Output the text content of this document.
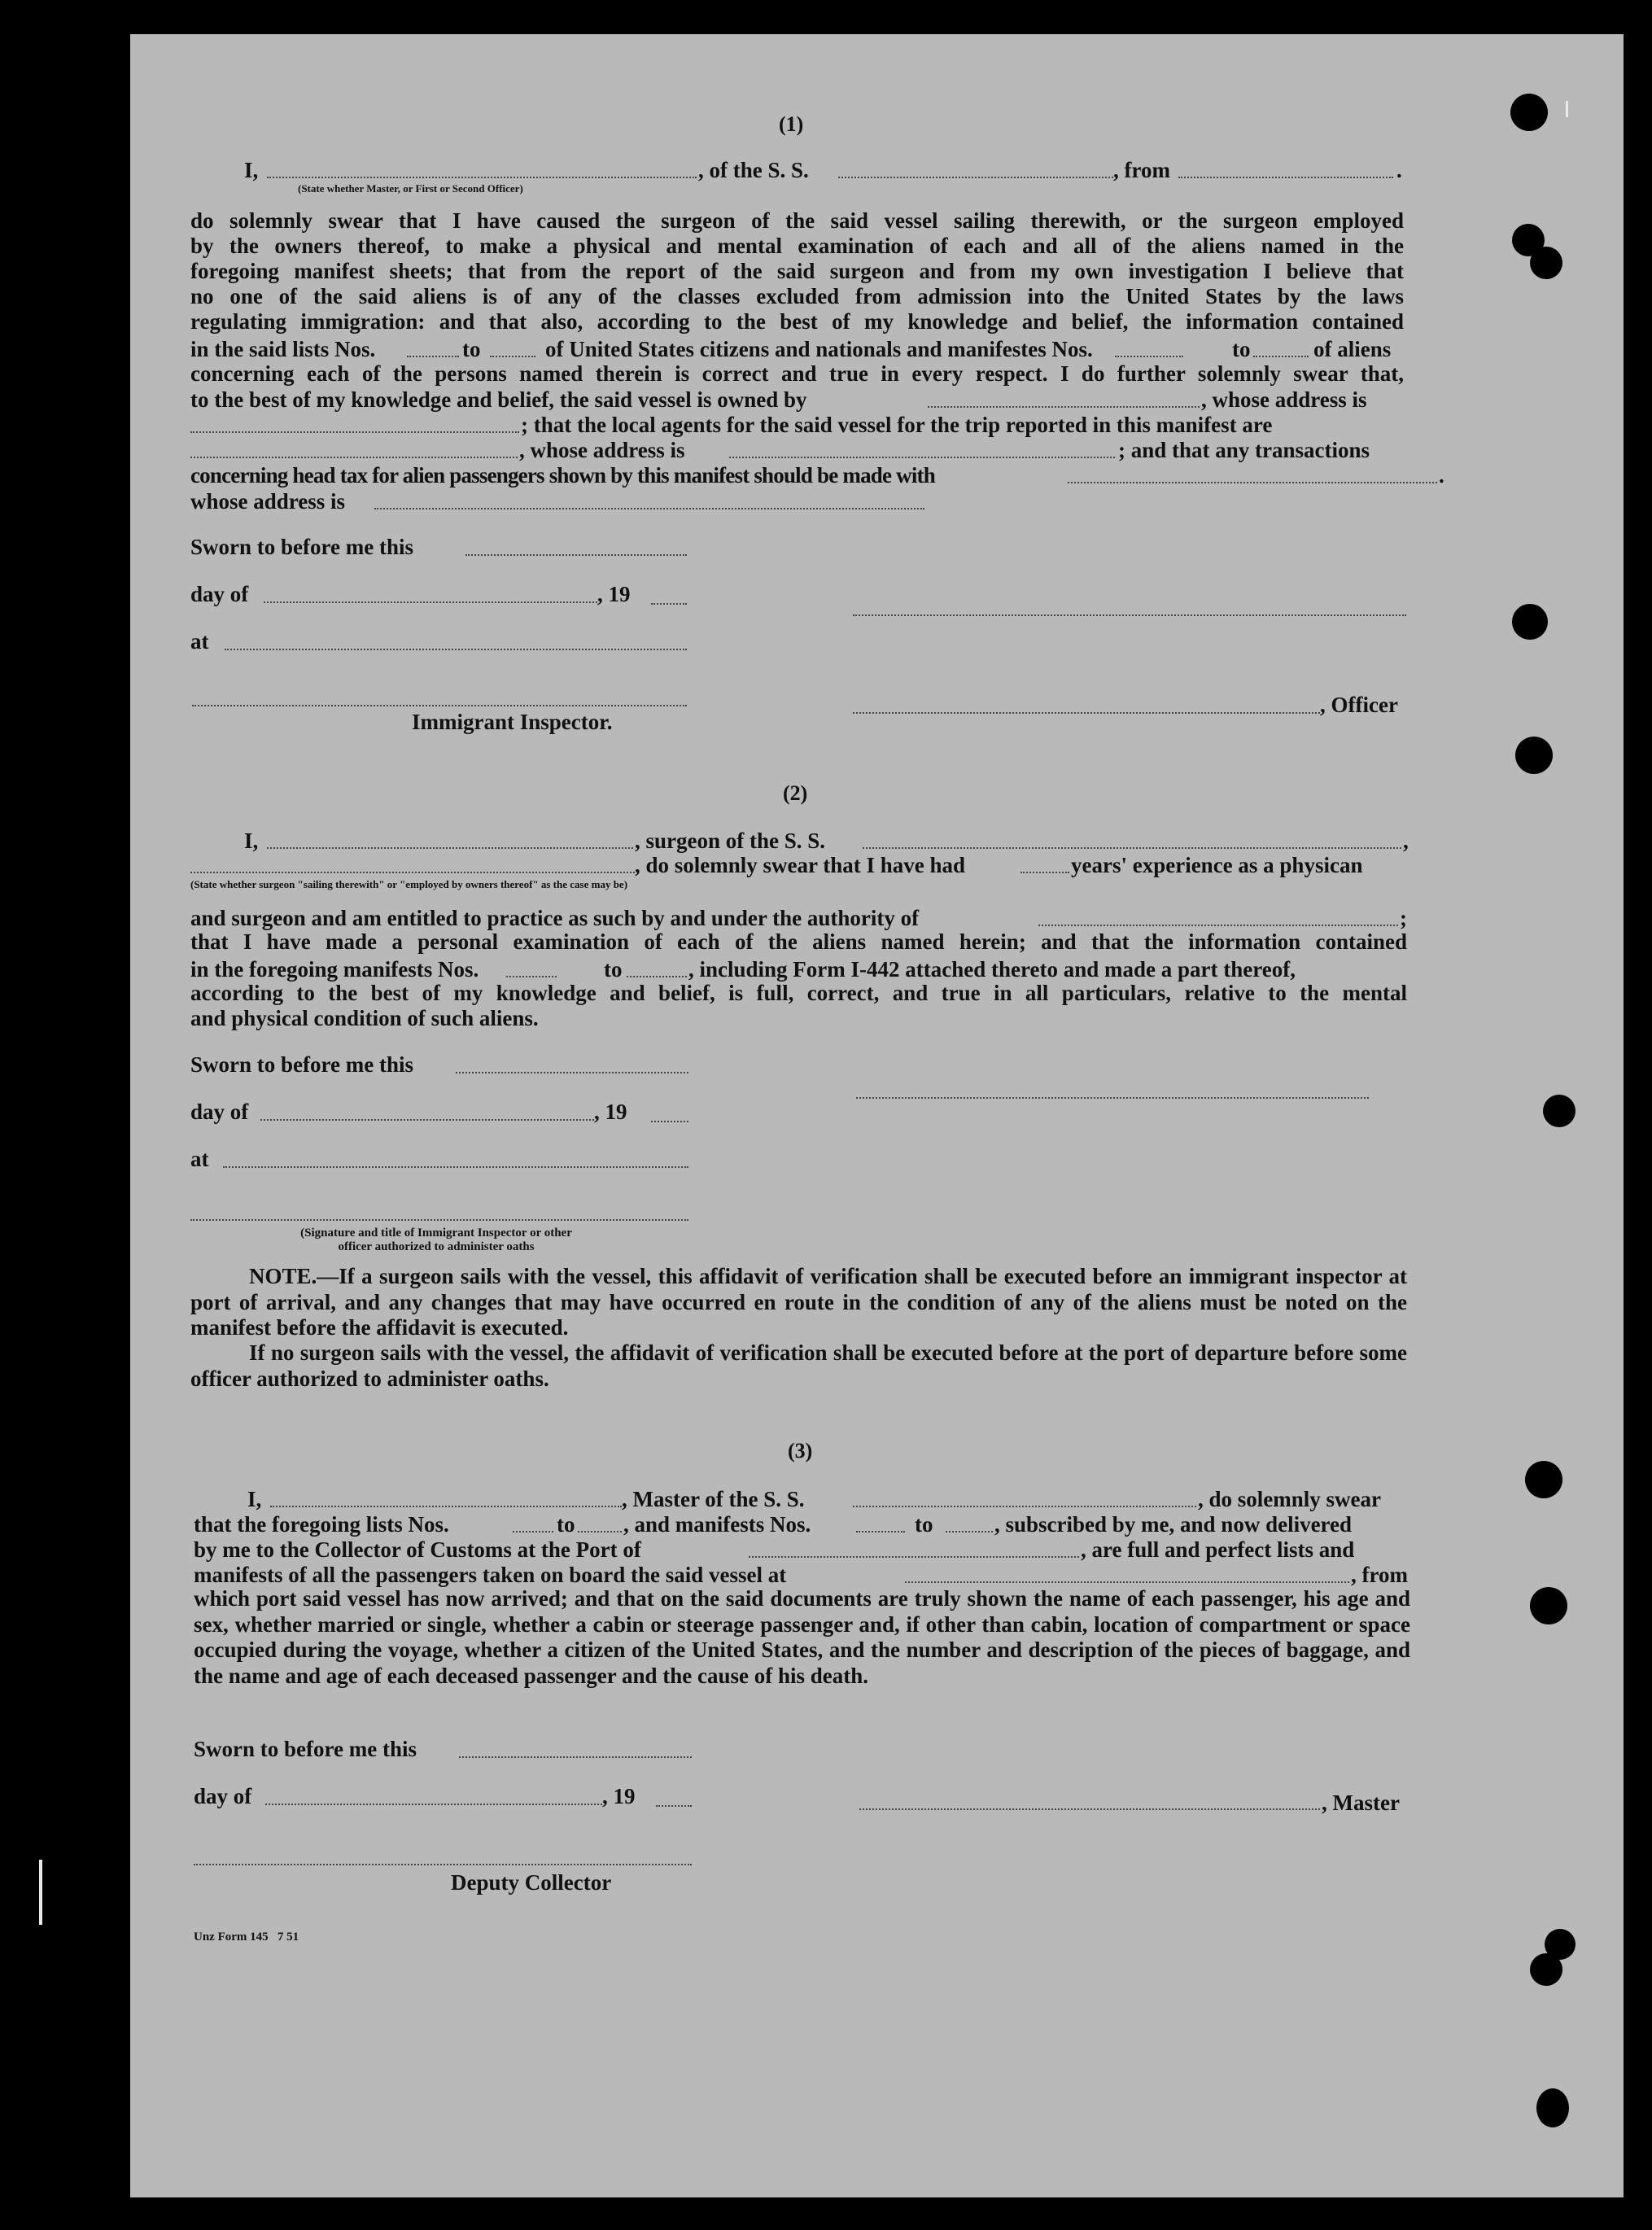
(1)
I,	, of the S. S.	, from	.
(State whether Master, or First or Second Officer)
do solemnly swear that I have caused the surgeon of the said vessel sailing therewith, or the surgeon employed
by the owners thereof, to make a physical and mental examination of each and all of the aliens named in the
foregoing manifest sheets; that from the report of the said surgeon and from my own investigation I believe that
no one of the said aliens is of any of the classes excluded from admission into the United States by the laws
regulating immigration: and that also, according to the best of my knowledge and belief, the information contained
in the said lists Nos.	to	of United States citizens and nationals and manifestes Nos.	to	of aliens
concerning each of the persons named therein is correct and true in every respect. I do further solemnly swear that,
to the best of my knowledge and belief, the said vessel is owned by	, whose address is
; that the local agents for the said vessel for the trip reported in this manifest are
, whose address is	; and that any transactions
concerning head tax for alien passengers shown by this manifest should be made with	.
whose address is
Sworn to before me this
day of	, 19
at
, Officer
Immigrant Inspector.
(2)
I,	, surgeon of the S. S.	,
, do solemnly swear that I have had	years' experience as a physican
(State whether surgeon "sailing therewith" or "employed by owners thereof" as the case may be)
and surgeon and am entitled to practice as such by and under the authority of	;
that I have made a personal examination of each of the aliens named herein; and that the information contained
in the foregoing manifests Nos.	to	, including Form I-442 attached thereto and made a part thereof,
according to the best of my knowledge and belief, is full, correct, and true in all particulars, relative to the mental
and physical condition of such aliens.
Sworn to before me this
day of	, 19
at
(Signature and title of Immigrant Inspector or other
officer authorized to administer oaths
NOTE.—If a surgeon sails with the vessel, this affidavit of verification shall be executed before an immigrant inspector at port of arrival, and any changes that may have occurred en route in the condition of any of the aliens must be noted on the manifest before the affidavit is executed.
If no surgeon sails with the vessel, the affidavit of verification shall be executed before at the port of departure before some officer authorized to administer oaths.
(3)
I,	, Master of the S. S.	, do solemnly swear
that the foregoing lists Nos.	to , and manifests Nos.	to	, subscribed by me, and now delivered
by me to the Collector of Customs at the Port of	, are full and perfect lists and
manifests of all the passengers taken on board the said vessel at	, from
which port said vessel has now arrived; and that on the said documents are truly shown the name of each passenger, his age and sex, whether married or single, whether a cabin or steerage passenger and, if other than cabin, location of compartment or space occupied during the voyage, whether a citizen of the United States, and the number and description of the pieces of baggage, and the name and age of each deceased passenger and the cause of his death.
Sworn to before me this
day of	, 19	, Master
Deputy Collector
Unz Form 145   7 51
